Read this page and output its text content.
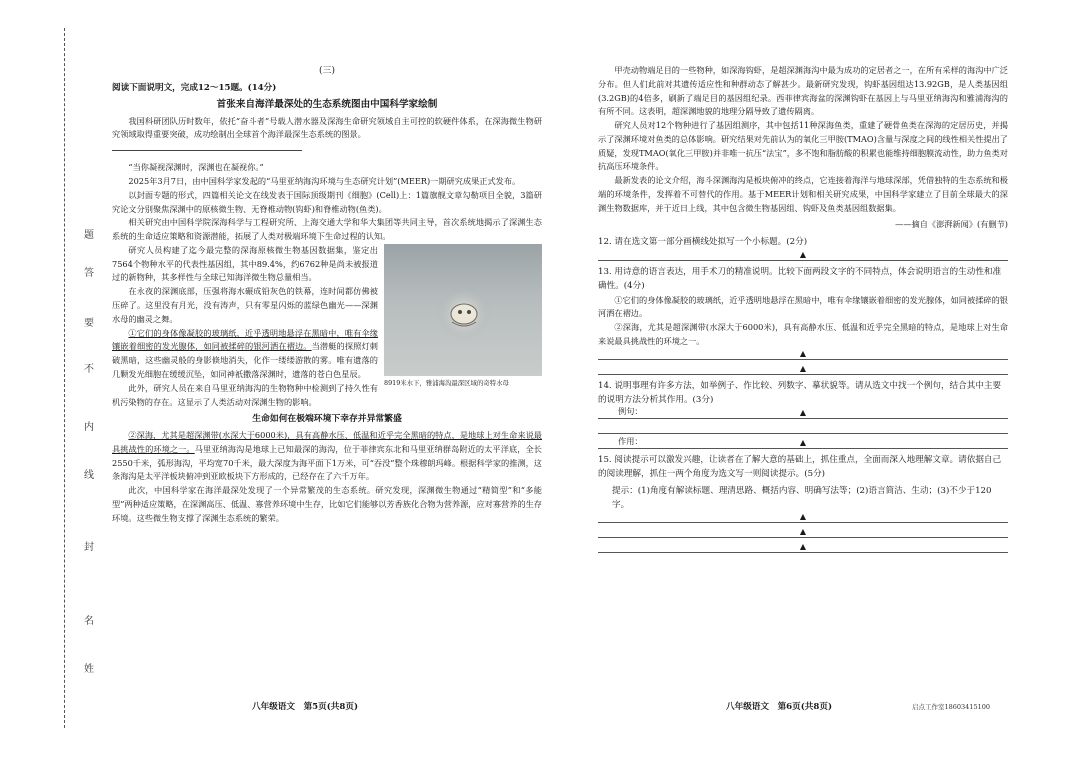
姓
名
封
线
内
不
要
答
题
(三)

阅读下面说明文，完成12～15题。(14分)

首张来自海洋最深处的生态系统图由中国科学家绘制

我国科研团队历时数年，依托“奋斗者”号载人潜水器及深海生命研究领域自主可控的软硬件体系，在深海微生物研究领域取得重要突破，成功绘制出全球首个海洋最深生态系统的图景。

“当你凝视深渊时，深渊也在凝视你。”

2025年3月7日，由中国科学家发起的“马里亚纳海沟环境与生态研究计划”(MEER)一期研究成果正式发布。

以封面专题的形式，四篇相关论文在线发表于国际顶级期刊《细胞》(Cell)上：1篇旗舰文章勾勒项目全貌，3篇研究论文分别聚焦深渊中的原核微生物、无脊椎动物(钩虾)和脊椎动物(鱼类)。

相关研究由中国科学院深海科学与工程研究所、上海交通大学和华大集团等共同主导，首次系统地揭示了深渊生态系统的生命适应策略和资源潜能，拓展了人类对极端环境下生命过程的认知。

8919米水下，雅浦海沟最深区域的奇特水母

研究人员构建了迄今最完整的深海原核微生物基因数据集，鉴定出7564个物种水平的代表性基因组，其中89.4%，约6762种是尚未被报道过的新物种，其多样性与全球已知海洋微生物总量相当。

在永夜的深渊底部，压强将海水碾成铅灰色的铁幕，连时间都仿佛被压碎了。这里没有月光，没有涛声，只有零星闪烁的蓝绿色幽光——深渊水母的幽灵之舞。

①它们的身体像凝胶的玻璃纸，近乎透明地悬浮在黑暗中，唯有伞缘镶嵌着细密的发光腺体，如同被揉碎的银河洒在褶边。当潜艇的探照灯刺破黑暗，这些幽灵般的身影倏地消失，化作一缕缕游散的雾。唯有遗落的几颗发光细胞在缓缓沉坠，如同神祇撒落深渊时，遗落的苍白色星辰。

此外，研究人员在来自马里亚纳海沟的生物物种中检测到了持久性有机污染物的存在。这显示了人类活动对深渊生物的影响。

生命如何在极端环境下幸存并异常繁盛

②深海，尤其是超深渊带(水深大于6000米)，具有高静水压、低温和近乎完全黑暗的特点，是地球上对生命来说最具挑战性的环境之一。马里亚纳海沟是地球上已知最深的海沟，位于菲律宾东北和马里亚纳群岛附近的太平洋底，全长2550千米，弧形海沟，平均宽70千米，最大深度为海平面下1万米，可“吞没”整个珠穆朗玛峰。根据科学家的推测，这条海沟是太平洋板块俯冲到亚欧板块下方形成的，已经存在了六千万年。

此次，中国科学家在海洋最深处发现了一个异常繁茂的生态系统。研究发现，深渊微生物通过“精简型”和“多能型”两种适应策略，在深渊高压、低温、寡营养环境中生存，比如它们能够以芳香族化合物为营养源，应对寡营养的生存环境。这些微生物支撑了深渊生态系统的繁荣。

八年级语文　第5页(共8页)

甲壳动物端足目的一些物种，如深海钩虾，是超深渊海沟中最为成功的定居者之一，在所有采样的海沟中广泛分布。但人们此前对其遗传适应性和种群动态了解甚少。最新研究发现，钩虾基因组达13.92GB，是人类基因组(3.2GB)的4倍多，刷新了端足目的基因组纪录。西菲律宾海盆的深渊钩虾在基因上与马里亚纳海沟和雅浦海沟的有所不同。这表明，超深渊地貌的地理分隔导致了遗传隔离。

研究人员对12个物种进行了基因组测序，其中包括11种深海鱼类，重建了硬骨鱼类在深海的定居历史，并揭示了深渊环境对鱼类的总体影响。研究结果对先前认为的氧化三甲胺(TMAO)含量与深度之间的线性相关性提出了质疑，发现TMAO(氧化三甲胺)并非唯一抗压“法宝”，多不饱和脂肪酸的积累也能维持细胞膜流动性，助力鱼类对抗高压环境条件。

最新发表的论文介绍，海斗深渊海沟是板块俯冲的终点，它连接着海洋与地球深部，凭借独特的生态系统和极端的环境条件，发挥着不可替代的作用。基于MEER计划和相关研究成果，中国科学家建立了目前全球最大的深渊生物数据库，并于近日上线，其中包含微生物基因组、钩虾及鱼类基因组数据集。

——摘自《澎湃新闻》(有删节)

12. 请在选文第一部分画横线处拟写一个小标题。(2分)

▲

13. 用诗意的语言表达，用手术刀的精准说明。比较下面两段文字的不同特点，体会说明语言的生动性和准确性。(4分)

①它们的身体像凝胶的玻璃纸，近乎透明地悬浮在黑暗中，唯有伞缘镶嵌着细密的发光腺体，如同被揉碎的银河洒在褶边。

②深海，尤其是超深渊带(水深大于6000米)，具有高静水压、低温和近乎完全黑暗的特点，是地球上对生命来说最具挑战性的环境之一。

▲
▲

14. 说明事理有许多方法，如举例子、作比较、列数字、摹状貌等。请从选文中找一个例句，结合其中主要的说明方法分析其作用。(3分)

例句：	▲
作用：	▲

15. 阅读提示可以激发兴趣，让读者在了解大意的基础上，抓住重点，全面而深入地理解文章。请依据自己的阅读理解，抓住一两个角度为选文写一则阅读提示。(5分)

提示：(1)角度有解读标题、理清思路、概括内容、明确写法等；(2)语言简洁、生动；(3)不少于120字。

▲
▲
▲
八年级语文　第6页(共8页)	启点工作室18603415100
